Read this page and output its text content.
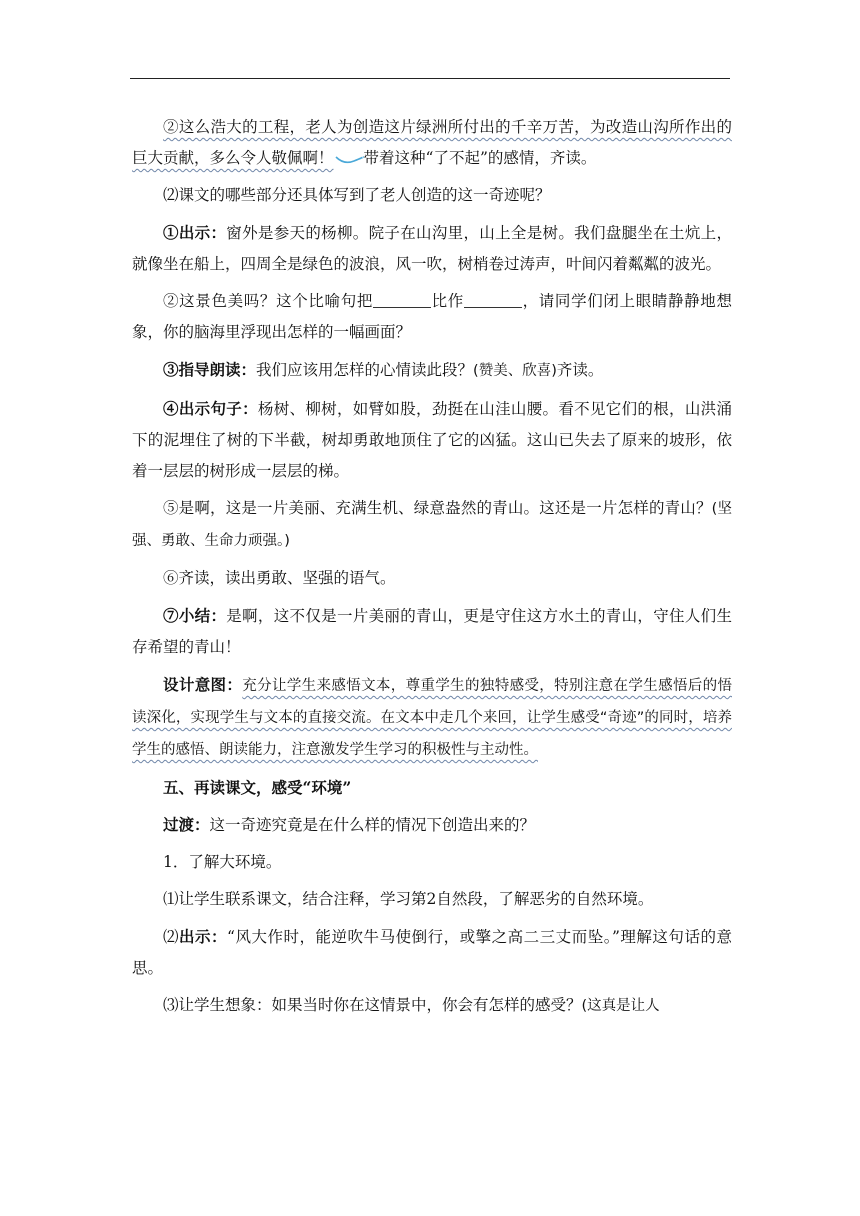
②这么浩大的工程，老人为创造这片绿洲所付出的千辛万苦，为改造山沟所作出的巨大贡献，多么令人敬佩啊！ 带着这种“了不起”的感情，齐读。

⑵课文的哪些部分还具体写到了老人创造的这一奇迹呢？

①出示：窗外是参天的杨柳。院子在山沟里，山上全是树。我们盘腿坐在土炕上，就像坐在船上，四周全是绿色的波浪，风一吹，树梢卷过涛声，叶间闪着粼粼的波光。

②这景色美吗？这个比喻句把	比作	，请同学们闭上眼睛静静地想象，你的脑海里浮现出怎样的一幅画面？

③指导朗读：我们应该用怎样的心情读此段？(赞美、欣喜)齐读。

④出示句子：杨树、柳树，如臂如股，劲挺在山洼山腰。看不见它们的根，山洪涌下的泥埋住了树的下半截，树却勇敢地顶住了它的凶猛。这山已失去了原来的坡形，依着一层层的树形成一层层的梯。

⑤是啊，这是一片美丽、充满生机、绿意盎然的青山。这还是一片怎样的青山？(坚强、勇敢、生命力顽强。)

⑥齐读，读出勇敢、坚强的语气。

⑦小结：是啊，这不仅是一片美丽的青山，更是守住这方水土的青山，守住人们生存希望的青山！

设计意图：充分让学生来感悟文本，尊重学生的独特感受，特别注意在学生感悟后的悟读深化，实现学生与文本的直接交流。在文本中走几个来回，让学生感受“奇迹”的同时，培养学生的感悟、朗读能力，注意激发学生学习的积极性与主动性。

五、再读课文，感受“环境”

过渡：这一奇迹究竟是在什么样的情况下创造出来的？

1．了解大环境。

⑴让学生联系课文，结合注释，学习第2自然段，了解恶劣的自然环境。

⑵出示：“风大作时，能逆吹牛马使倒行，或擎之高二三丈而坠。”理解这句话的意思。

⑶让学生想象：如果当时你在这情景中，你会有怎样的感受？(这真是让人
